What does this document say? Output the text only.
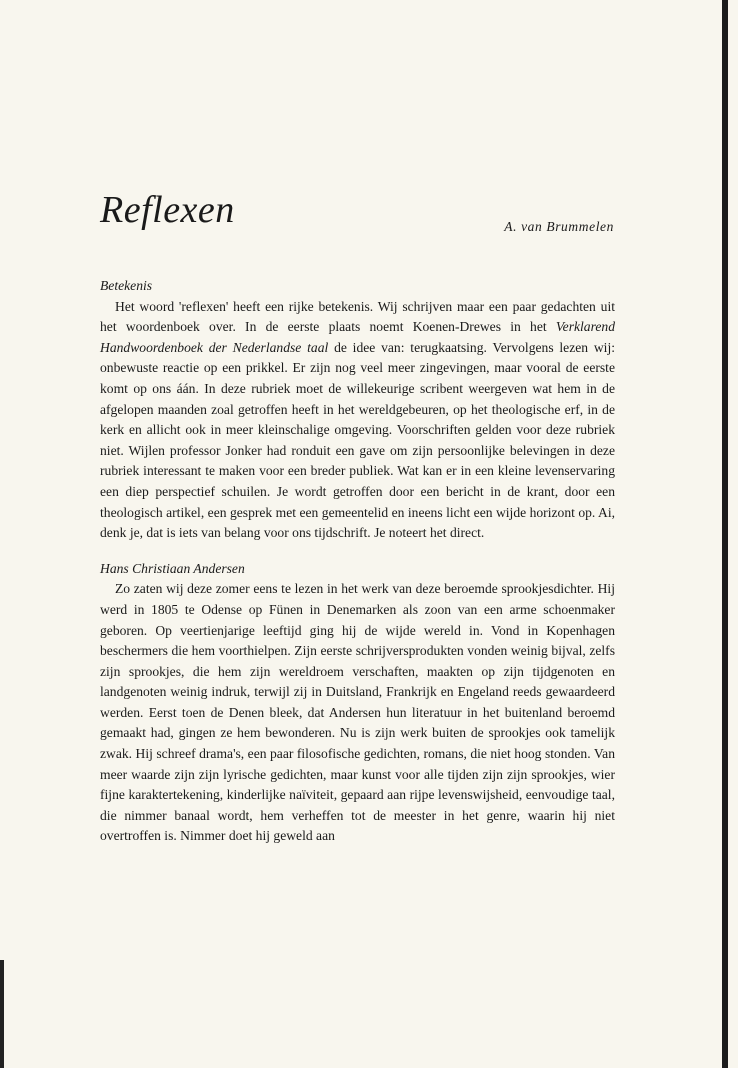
Reflexen	A. van Brummelen

Betekenis

Het woord 'reflexen' heeft een rijke betekenis. Wij schrijven maar een paar gedachten uit het woordenboek over. In de eerste plaats noemt Koenen-Drewes in het Verklarend Handwoordenboek der Nederlandse taal de idee van: terugkaatsing. Vervolgens lezen wij: onbewuste reactie op een prikkel. Er zijn nog veel meer zingevingen, maar vooral de eerste komt op ons áán. In deze rubriek moet de willekeurige scribent weergeven wat hem in de afgelopen maanden zoal getroffen heeft in het wereldgebeuren, op het theologische erf, in de kerk en allicht ook in meer kleinschalige omgeving. Voorschriften gelden voor deze rubriek niet. Wijlen professor Jonker had ronduit een gave om zijn persoonlijke belevingen in deze rubriek interessant te maken voor een breder publiek. Wat kan er in een kleine levenservaring een diep perspectief schuilen. Je wordt getroffen door een bericht in de krant, door een theologisch artikel, een gesprek met een gemeentelid en ineens licht een wijde horizont op. Ai, denk je, dat is iets van belang voor ons tijdschrift. Je noteert het direct.

Hans Christiaan Andersen

Zo zaten wij deze zomer eens te lezen in het werk van deze beroemde sprookjesdichter. Hij werd in 1805 te Odense op Fünen in Denemarken als zoon van een arme schoenmaker geboren. Op veertienjarige leeftijd ging hij de wijde wereld in. Vond in Kopenhagen beschermers die hem voorthielpen. Zijn eerste schrijversprodukten vonden weinig bijval, zelfs zijn sprookjes, die hem zijn wereldroem verschaften, maakten op zijn tijdgenoten en landgenoten weinig indruk, terwijl zij in Duitsland, Frankrijk en Engeland reeds gewaardeerd werden. Eerst toen de Denen bleek, dat Andersen hun literatuur in het buitenland beroemd gemaakt had, gingen ze hem bewonderen. Nu is zijn werk buiten de sprookjes ook tamelijk zwak. Hij schreef drama's, een paar filosofische gedichten, romans, die niet hoog stonden. Van meer waarde zijn zijn lyrische gedichten, maar kunst voor alle tijden zijn zijn sprookjes, wier fijne karaktertekening, kinderlijke naïviteit, gepaard aan rijpe levenswijsheid, eenvoudige taal, die nimmer banaal wordt, hem verheffen tot de meester in het genre, waarin hij niet overtroffen is. Nimmer doet hij geweld aan
